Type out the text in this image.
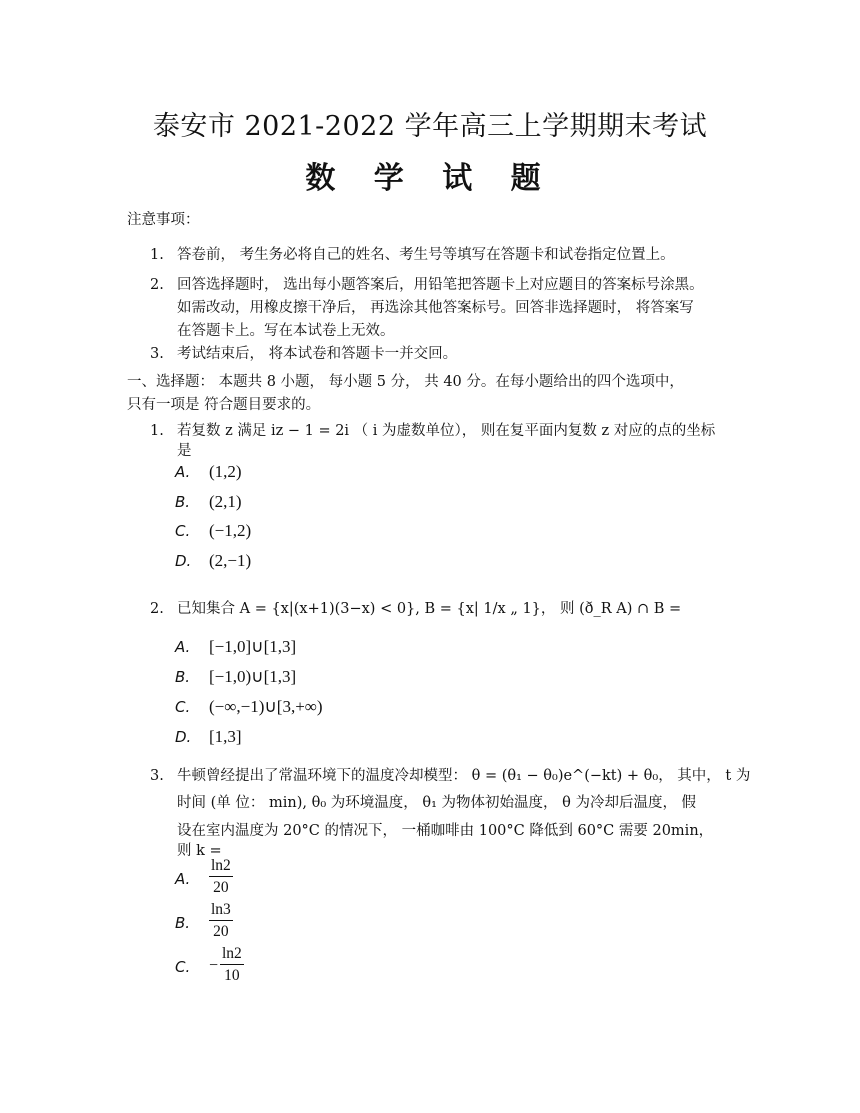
泰安市 2021-2022 学年高三上学期期末考试
数 学 试 题
注意事项：
1. 答卷前， 考生务必将自己的姓名、考生号等填写在答题卡和试卷指定位置上。
2. 回答选择题时， 选出每小题答案后，用铅笔把答题卡上对应题目的答案标号涂黑。
如需改动，用橡皮擦干净后， 再选涂其他答案标号。回答非选择题时， 将答案写
在答题卡上。写在本试卷上无效。
3. 考试结束后， 将本试卷和答题卡一并交回。
一、选择题： 本题共 8 小题， 每小题 5 分， 共 40 分。在每小题给出的四个选项中，
只有一项是 符合题目要求的。
1. 若复数 z 满足 iz − 1 = 2i （ i 为虚数单位）， 则在复平面内复数 z 对应的点的坐标
是
A. (1,2)
B. (2,1)
C. (−1,2)
D. (2,−1)
2. 已知集合 A = {x|(x+1)(3−x) < 0}, B = {x| 1/x „ 1}， 则 (ð_R A) ∩ B =
A. [−1,0]∪[1,3]
B. [−1,0)∪[1,3]
C. (−∞,−1)∪[3,+∞)
D. [1,3]
3. 牛顿曾经提出了常温环境下的温度冷却模型： θ = (θ₁ − θ₀)e^(−kt) + θ₀， 其中， t 为
时间 (单 位： min), θ₀ 为环境温度， θ₁ 为物体初始温度， θ 为冷却后温度， 假
设在室内温度为 20°C 的情况下， 一桶咖啡由 100°C 降低到 60°C 需要 20min，
则 k =
A. $\frac{\ln 2}{20}$
B. $\frac{\ln 3}{20}$
C. − $\frac{\ln 2}{10}$
